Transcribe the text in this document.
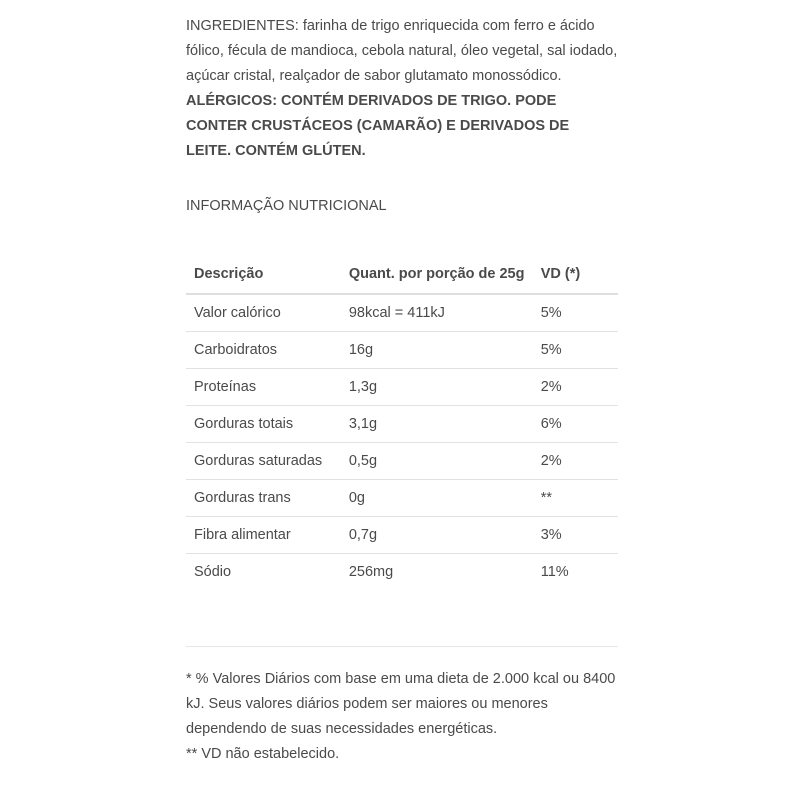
INGREDIENTES: farinha de trigo enriquecida com ferro e ácido fólico, fécula de mandioca, cebola natural, óleo vegetal, sal iodado, açúcar cristal, realçador de sabor glutamato monossódico.

ALÉRGICOS: CONTÉM DERIVADOS DE TRIGO. PODE CONTER CRUSTÁCEOS (CAMARÃO) E DERIVADOS DE LEITE. CONTÉM GLÚTEN.

INFORMAÇÃO NUTRICIONAL

Descrição	Quant. por porção de 25g	VD (*)
Valor calórico	98kcal = 411kJ	5%
Carboidratos	16g	5%
Proteínas	1,3g	2%
Gorduras totais	3,1g	6%
Gorduras saturadas	0,5g	2%
Gorduras trans	0g	**
Fibra alimentar	0,7g	3%
Sódio	256mg	11%

* % Valores Diários com base em uma dieta de 2.000 kcal ou 8400 kJ. Seus valores diários podem ser maiores ou menores dependendo de suas necessidades energéticas.

** VD não estabelecido.
